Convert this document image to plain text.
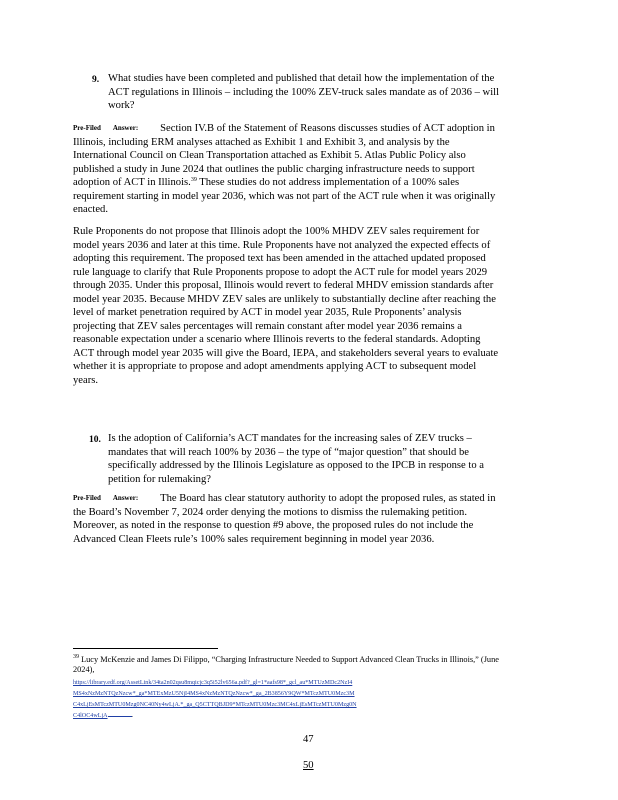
9. What studies have been completed and published that detail how the implementation of the ACT regulations in Illinois – including the 100% ZEV-truck sales mandate as of 2036 – will work?

Pre-Filed Answer: Section IV.B of the Statement of Reasons discusses studies of ACT adoption in Illinois, including ERM analyses attached as Exhibit 1 and Exhibit 3, and analysis by the International Council on Clean Transportation attached as Exhibit 5. Atlas Public Policy also published a study in June 2024 that outlines the public charging infrastructure needs to support adoption of ACT in Illinois.$^{39}$ These studies do not address implementation of a 100% sales requirement starting in model year 2036, which was not part of the ACT rule when it was originally enacted.

Rule Proponents do not propose that Illinois adopt the 100% MHDV ZEV sales requirement for model years 2036 and later at this time. Rule Proponents have not analyzed the expected effects of adopting this requirement. The proposed text has been amended in the attached updated proposed rule language to clarify that Rule Proponents propose to adopt the ACT rule for model years 2029 through 2035. Under this proposal, Illinois would revert to federal MHDV emission standards after model year 2035. Because MHDV ZEV sales are unlikely to substantially decline after reaching the level of market penetration required by ACT in model year 2035, Rule Proponents’ analysis projecting that ZEV sales percentages will remain constant after model year 2036 remains a reasonable expectation under a scenario where Illinois reverts to the federal standards. Adopting ACT through model year 2035 will give the Board, IEPA, and stakeholders several years to evaluate whether it is appropriate to propose and adopt amendments applying ACT to subsequent model years.

10. Is the adoption of California’s ACT mandates for the increasing sales of ZEV trucks – mandates that will reach 100% by 2036 – the type of “major question” that should be specifically addressed by the Illinois Legislature as opposed to the IPCB in response to a petition for rulemaking?

Pre-Filed Answer: The Board has clear statutory authority to adopt the proposed rules, as stated in the Board’s November 7, 2024 order denying the motions to dismiss the rulemaking petition. Moreover, as noted in the response to question #9 above, the proposed rules do not include the Advanced Clean Fleets rule’s 100% sales requirement beginning in model year 2036.

$^{39}$ Lucy McKenzie and James Di Filippo, “Charging Infrastructure Needed to Support Advanced Clean Trucks in Illinois,” (June 2024),

https://library.edf.org/AssetLink/34ta2n02qsu8mqicjc3q5i52lv656a.pdf?_gl=1*aafs98*_gcl_au*MTUzMDc2NzI4
MS4xNzMzNTQzNzcw*_ga*MTExMzU5NjI4MS4xNzMzNTQzNzcw*_ga_2B3856Y9QW*MTczMTU0Mzc3M
C4xLjEsMTczMTU0Mzg0NC40Ny4wLjA.*_ga_Q5CTTQBJD9*MTczMTU0Mzc3MC4xLjEsMTczMTU0Mzg0N
C4lOC4wLjA	.
47
50
